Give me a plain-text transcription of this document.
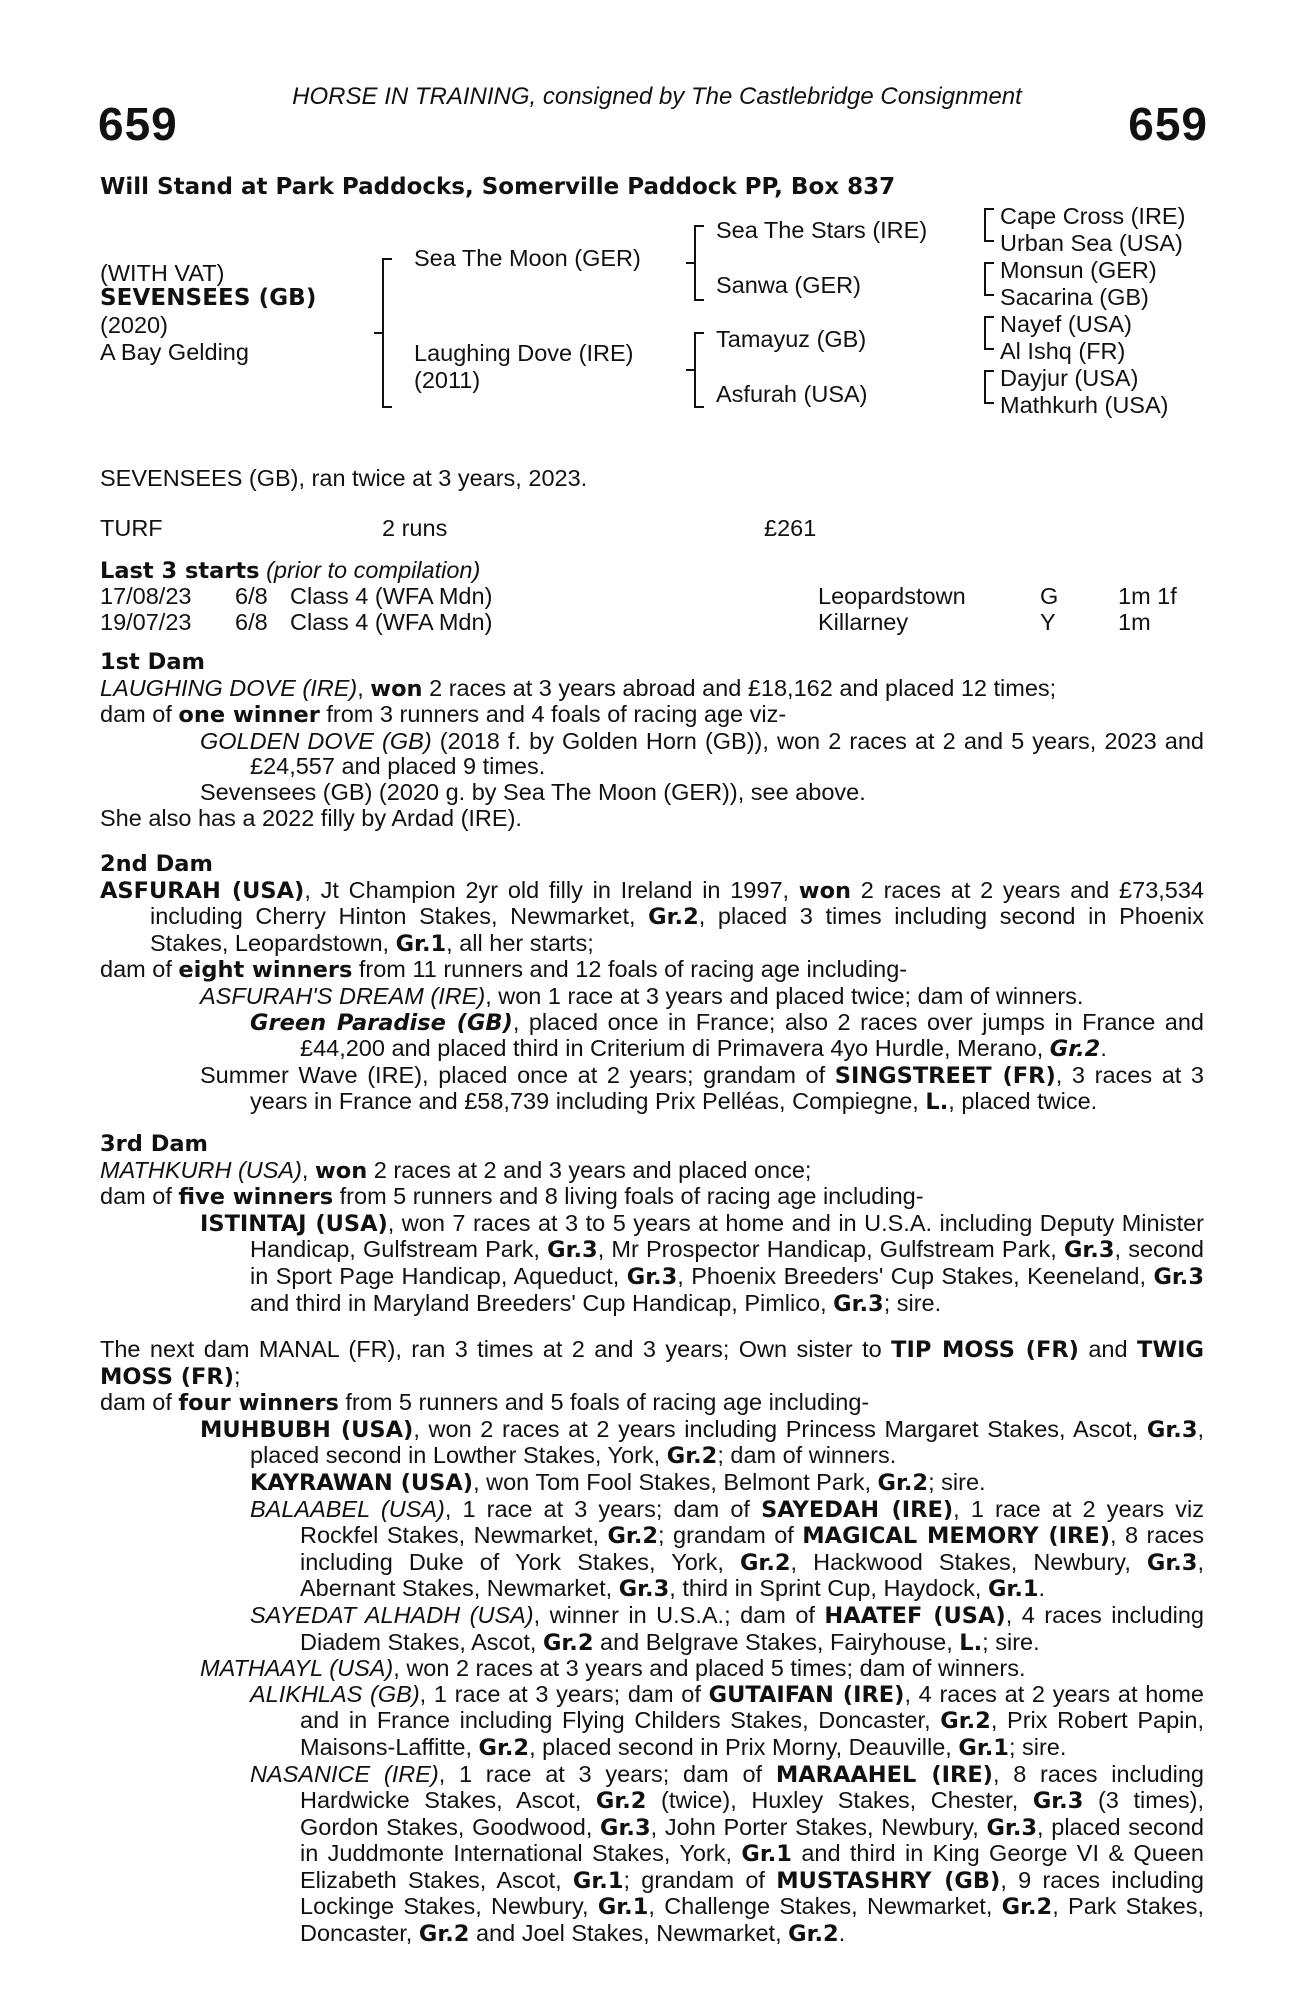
HORSE IN TRAINING, consigned by The Castlebridge Consignment
659	659
Will Stand at Park Paddocks, Somerville Paddock PP, Box 837
(WITH VAT)
SEVENSEES (GB)
(2020)
A Bay Gelding
Sea The Moon (GER)
Laughing Dove (IRE)
(2011)
Sea The Stars (IRE)
Sanwa (GER)
Tamayuz (GB)
Asfurah (USA)
Cape Cross (IRE)
Urban Sea (USA)
Monsun (GER)
Sacarina (GB)
Nayef (USA)
Al Ishq (FR)
Dayjur (USA)
Mathkurh (USA)
SEVENSEES (GB), ran twice at 3 years, 2023.
TURF	2 runs	£261
Last 3 starts (prior to compilation)
17/08/23 6/8 Class 4 (WFA Mdn)	Leopardstown	G	1m 1f
19/07/23 6/8 Class 4 (WFA Mdn)	Killarney	Y	1m
1st Dam
LAUGHING DOVE (IRE), won 2 races at 3 years abroad and £18,162 and placed 12 times;
dam of one winner from 3 runners and 4 foals of racing age viz-
GOLDEN DOVE (GB) (2018 f. by Golden Horn (GB)), won 2 races at 2 and 5 years, 2023 and £24,557 and placed 9 times.
Sevensees (GB) (2020 g. by Sea The Moon (GER)), see above.
She also has a 2022 filly by Ardad (IRE).
2nd Dam
ASFURAH (USA), Jt Champion 2yr old filly in Ireland in 1997, won 2 races at 2 years and £73,534 including Cherry Hinton Stakes, Newmarket, Gr.2, placed 3 times including second in Phoenix Stakes, Leopardstown, Gr.1, all her starts;
dam of eight winners from 11 runners and 12 foals of racing age including-
ASFURAH'S DREAM (IRE), won 1 race at 3 years and placed twice; dam of winners.
Green Paradise (GB), placed once in France; also 2 races over jumps in France and £44,200 and placed third in Criterium di Primavera 4yo Hurdle, Merano, Gr.2.
Summer Wave (IRE), placed once at 2 years; grandam of SINGSTREET (FR), 3 races at 3 years in France and £58,739 including Prix Pelléas, Compiegne, L., placed twice.
3rd Dam
MATHKURH (USA), won 2 races at 2 and 3 years and placed once;
dam of five winners from 5 runners and 8 living foals of racing age including-
ISTINTAJ (USA), won 7 races at 3 to 5 years at home and in U.S.A. including Deputy Minister Handicap, Gulfstream Park, Gr.3, Mr Prospector Handicap, Gulfstream Park, Gr.3, second in Sport Page Handicap, Aqueduct, Gr.3, Phoenix Breeders' Cup Stakes, Keeneland, Gr.3 and third in Maryland Breeders' Cup Handicap, Pimlico, Gr.3; sire.
The next dam MANAL (FR), ran 3 times at 2 and 3 years; Own sister to TIP MOSS (FR) and TWIG MOSS (FR);
dam of four winners from 5 runners and 5 foals of racing age including-
MUHBUBH (USA), won 2 races at 2 years including Princess Margaret Stakes, Ascot, Gr.3, placed second in Lowther Stakes, York, Gr.2; dam of winners.
KAYRAWAN (USA), won Tom Fool Stakes, Belmont Park, Gr.2; sire.
BALAABEL (USA), 1 race at 3 years; dam of SAYEDAH (IRE), 1 race at 2 years viz Rockfel Stakes, Newmarket, Gr.2; grandam of MAGICAL MEMORY (IRE), 8 races including Duke of York Stakes, York, Gr.2, Hackwood Stakes, Newbury, Gr.3, Abernant Stakes, Newmarket, Gr.3, third in Sprint Cup, Haydock, Gr.1.
SAYEDAT ALHADH (USA), winner in U.S.A.; dam of HAATEF (USA), 4 races including Diadem Stakes, Ascot, Gr.2 and Belgrave Stakes, Fairyhouse, L.; sire.
MATHAAYL (USA), won 2 races at 3 years and placed 5 times; dam of winners.
ALIKHLAS (GB), 1 race at 3 years; dam of GUTAIFAN (IRE), 4 races at 2 years at home and in France including Flying Childers Stakes, Doncaster, Gr.2, Prix Robert Papin, Maisons-Laffitte, Gr.2, placed second in Prix Morny, Deauville, Gr.1; sire.
NASANICE (IRE), 1 race at 3 years; dam of MARAAHEL (IRE), 8 races including Hardwicke Stakes, Ascot, Gr.2 (twice), Huxley Stakes, Chester, Gr.3 (3 times), Gordon Stakes, Goodwood, Gr.3, John Porter Stakes, Newbury, Gr.3, placed second in Juddmonte International Stakes, York, Gr.1 and third in King George VI & Queen Elizabeth Stakes, Ascot, Gr.1; grandam of MUSTASHRY (GB), 9 races including Lockinge Stakes, Newbury, Gr.1, Challenge Stakes, Newmarket, Gr.2, Park Stakes, Doncaster, Gr.2 and Joel Stakes, Newmarket, Gr.2.
